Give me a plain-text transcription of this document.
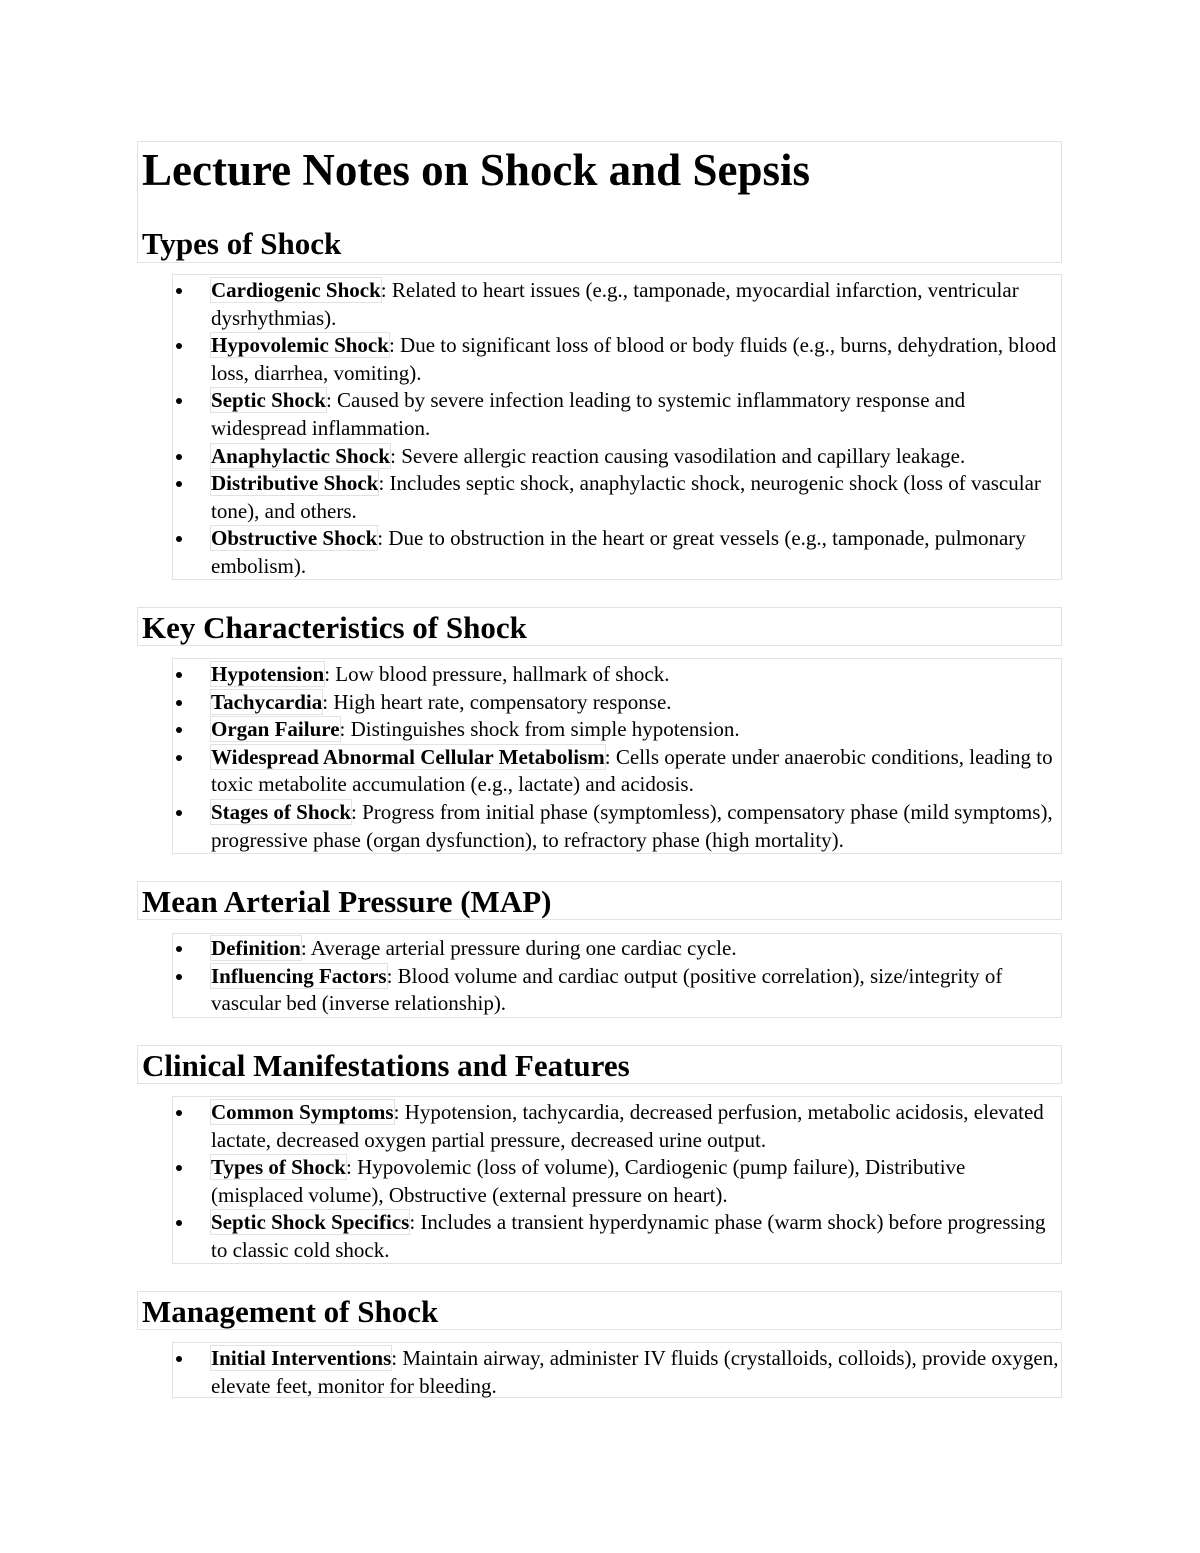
Lecture Notes on Shock and Sepsis
Types of Shock
Cardiogenic Shock: Related to heart issues (e.g., tamponade, myocardial infarction, ventricular dysrhythmias).
Hypovolemic Shock: Due to significant loss of blood or body fluids (e.g., burns, dehydration, blood loss, diarrhea, vomiting).
Septic Shock: Caused by severe infection leading to systemic inflammatory response and widespread inflammation.
Anaphylactic Shock: Severe allergic reaction causing vasodilation and capillary leakage.
Distributive Shock: Includes septic shock, anaphylactic shock, neurogenic shock (loss of vascular tone), and others.
Obstructive Shock: Due to obstruction in the heart or great vessels (e.g., tamponade, pulmonary embolism).
Key Characteristics of Shock
Hypotension: Low blood pressure, hallmark of shock.
Tachycardia: High heart rate, compensatory response.
Organ Failure: Distinguishes shock from simple hypotension.
Widespread Abnormal Cellular Metabolism: Cells operate under anaerobic conditions, leading to toxic metabolite accumulation (e.g., lactate) and acidosis.
Stages of Shock: Progress from initial phase (symptomless), compensatory phase (mild symptoms), progressive phase (organ dysfunction), to refractory phase (high mortality).
Mean Arterial Pressure (MAP)
Definition: Average arterial pressure during one cardiac cycle.
Influencing Factors: Blood volume and cardiac output (positive correlation), size/integrity of vascular bed (inverse relationship).
Clinical Manifestations and Features
Common Symptoms: Hypotension, tachycardia, decreased perfusion, metabolic acidosis, elevated lactate, decreased oxygen partial pressure, decreased urine output.
Types of Shock: Hypovolemic (loss of volume), Cardiogenic (pump failure), Distributive (misplaced volume), Obstructive (external pressure on heart).
Septic Shock Specifics: Includes a transient hyperdynamic phase (warm shock) before progressing to classic cold shock.
Management of Shock
Initial Interventions: Maintain airway, administer IV fluids (crystalloids, colloids), provide oxygen, elevate feet, monitor for bleeding.
